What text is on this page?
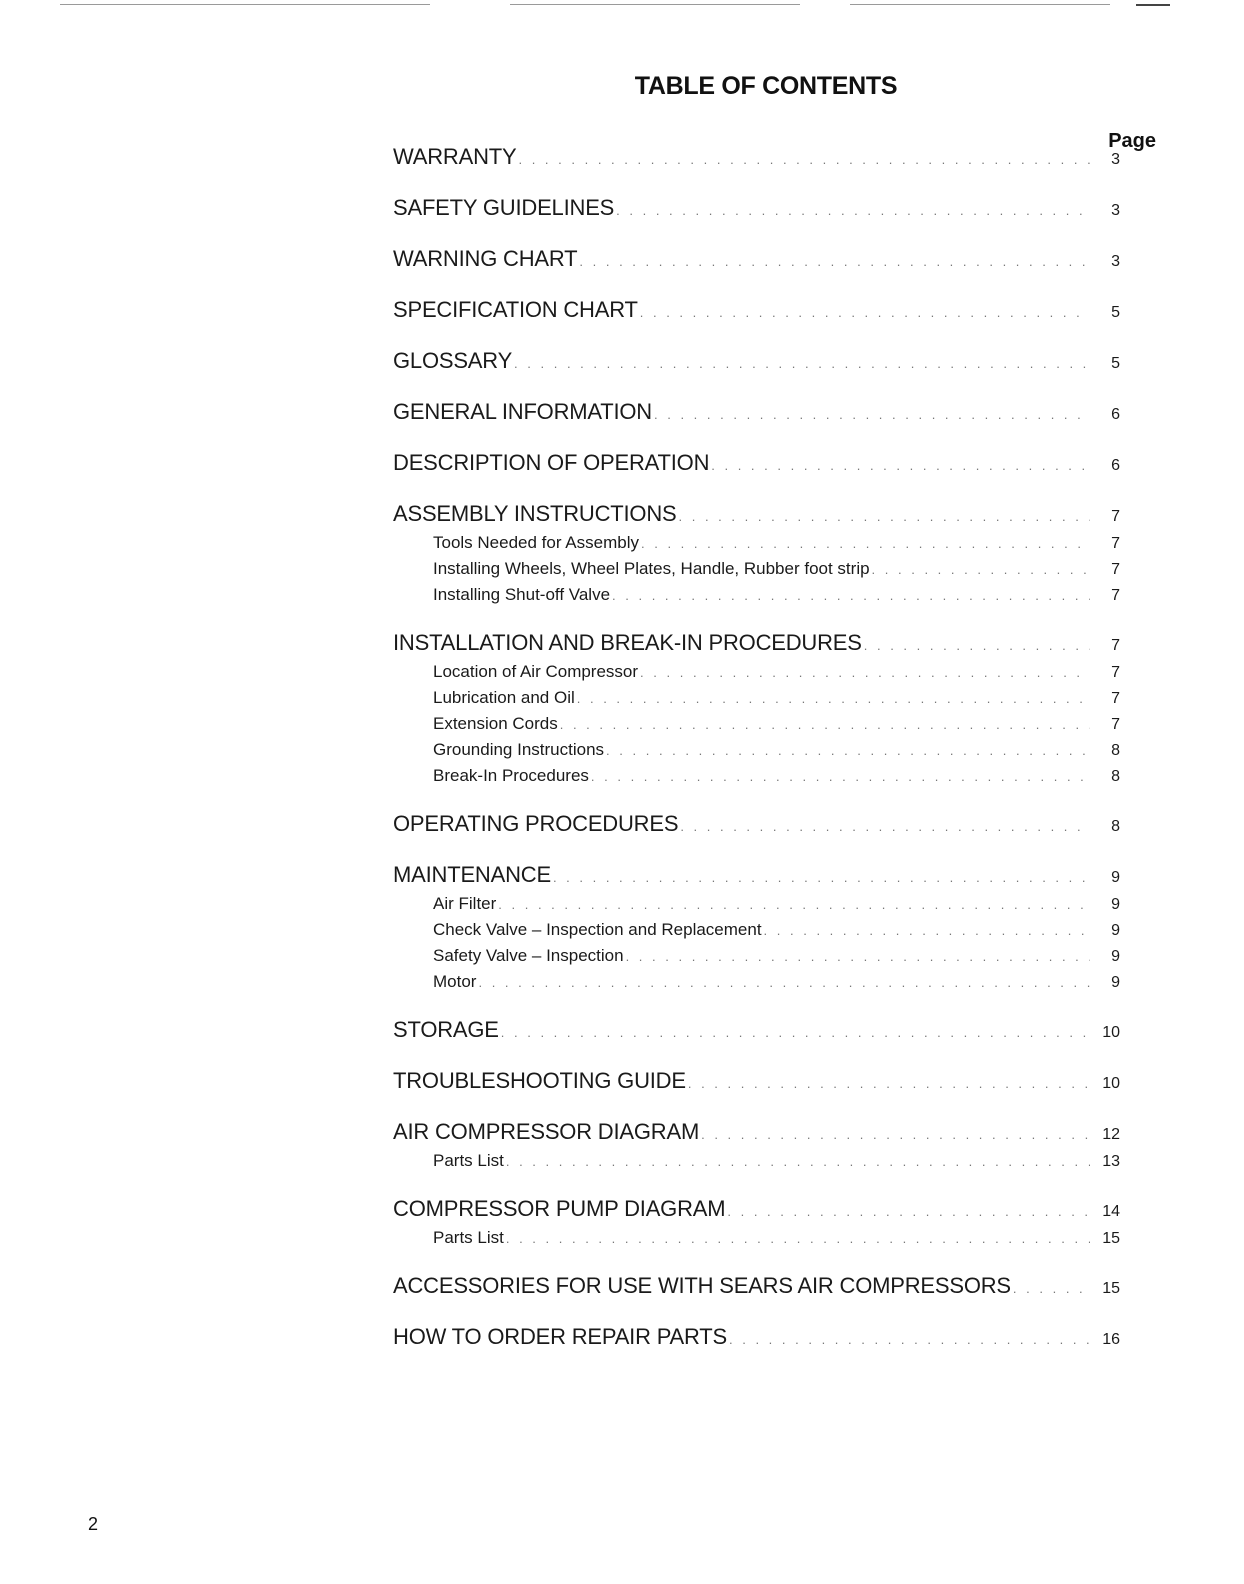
TABLE OF CONTENTS
Page
WARRANTY . . .	3
SAFETY GUIDELINES . . .	3
WARNING CHART . . .	3
SPECIFICATION CHART . . .	5
GLOSSARY . . .	5
GENERAL INFORMATION . . .	6
DESCRIPTION OF OPERATION . . .	6
ASSEMBLY INSTRUCTIONS . . .	7
Tools Needed for Assembly . . .	7
Installing Wheels, Wheel Plates, Handle, Rubber foot strip . . .	7
Installing Shut-off Valve . . .	7
INSTALLATION AND BREAK-IN PROCEDURES . . .	7
Location of Air Compressor . . .	7
Lubrication and Oil . . .	7
Extension Cords . . .	7
Grounding Instructions . . .	8
Break-In Procedures . . .	8
OPERATING PROCEDURES . . .	8
MAINTENANCE . . .	9
Air Filter . . .	9
Check Valve – Inspection and Replacement . . .	9
Safety Valve – Inspection . . .	9
Motor . . .	9
STORAGE . . .	10
TROUBLESHOOTING GUIDE . . .	10
AIR COMPRESSOR DIAGRAM . . .	12
Parts List . . .	13
COMPRESSOR PUMP DIAGRAM . . .	14
Parts List . . .	15
ACCESSORIES FOR USE WITH SEARS AIR COMPRESSORS . . .	15
HOW TO ORDER REPAIR PARTS . . .	16
2
